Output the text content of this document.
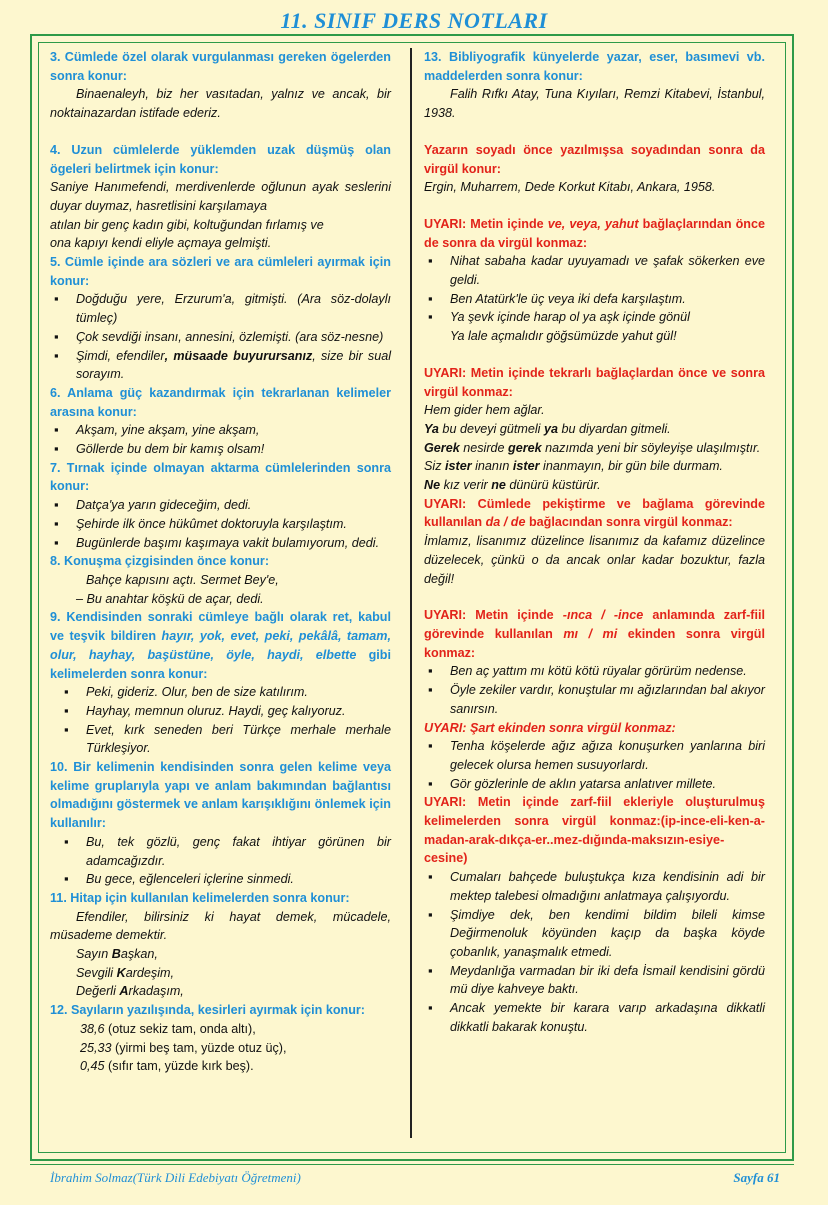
11. SINIF DERS NOTLARI

3. Cümlede özel olarak vurgulanması gereken ögelerden sonra konur:

Binaenaleyh, biz her vasıtadan, yalnız ve ancak, bir noktainazardan istifade ederiz.

4. Uzun cümlelerde yüklemden uzak düşmüş olan ögeleri belirtmek için konur:

Saniye Hanımefendi, merdivenlerde oğlunun ayak seslerini duyar duymaz, hasretlisini karşılamaya

atılan bir genç kadın gibi, koltuğundan fırlamış ve

ona kapıyı kendi eliyle açmaya gelmişti.

5. Cümle içinde ara sözleri ve ara cümleleri ayırmak için konur:

▪ Doğduğu yere, Erzurum'a, gitmişti. (Ara söz-dolaylı tümleç)
▪ Çok sevdiği insanı, annesini, özlemişti. (ara söz-nesne)
▪ Şimdi, efendiler, müsaade buyurursanız, size bir sual sorayım.

6. Anlama güç kazandırmak için tekrarlanan kelimeler arasına konur:

▪ Akşam, yine akşam, yine akşam,
▪ Göllerde bu dem bir kamış olsam!

7. Tırnak içinde olmayan aktarma cümlelerinden sonra konur:

▪ Datça'ya yarın gideceğim, dedi.
▪ Şehirde ilk önce hükûmet doktoruyla karşılaştım.
▪ Bugünlerde başımı kaşımaya vakit bulamıyorum, dedi.

8. Konuşma çizgisinden önce konur:

Bahçe kapısını açtı. Sermet Bey'e,

– Bu anahtar köşkü de açar, dedi.

9. Kendisinden sonraki cümleye bağlı olarak ret, kabul ve teşvik bildiren hayır, yok, evet, peki, pekâlâ, tamam, olur, hayhay, başüstüne, öyle, haydi, elbette gibi kelimelerden sonra konur:

▪ Peki, gideriz. Olur, ben de size katılırım.
▪ Hayhay, memnun oluruz. Haydi, geç kalıyoruz.
▪ Evet, kırk seneden beri Türkçe merhale merhale Türkleşiyor.

10. Bir kelimenin kendisinden sonra gelen kelime veya kelime gruplarıyla yapı ve anlam bakımından bağlantısı olmadığını göstermek ve anlam karışıklığını önlemek için kullanılır:

▪ Bu, tek gözlü, genç fakat ihtiyar görünen bir adamcağızdır.
▪ Bu gece, eğlenceleri içlerine sinmedi.

11. Hitap için kullanılan kelimelerden sonra konur:

Efendiler, bilirsiniz ki hayat demek, mücadele, müsademe demektir.

Sayın Başkan,

Sevgili Kardeşim,

Değerli Arkadaşım,

12. Sayıların yazılışında, kesirleri ayırmak için konur:

38,6 (otuz sekiz tam, onda altı),

25,33 (yirmi beş tam, yüzde otuz üç),

0,45 (sıfır tam, yüzde kırk beş).

13. Bibliyografik künyelerde yazar, eser, basımevi vb. maddelerden sonra konur:

Falih Rıfkı Atay, Tuna Kıyıları, Remzi Kitabevi, İstanbul, 1938.

Yazarın soyadı önce yazılmışsa soyadından sonra da virgül konur:

Ergin, Muharrem, Dede Korkut Kitabı, Ankara, 1958.

UYARI: Metin içinde ve, veya, yahut bağlaçlarından önce de sonra da virgül konmaz:

▪ Nihat sabaha kadar uyuyamadı ve şafak sökerken eve geldi.
▪ Ben Atatürk'le üç veya iki defa karşılaştım.
▪ Ya şevk içinde harap ol ya aşk içinde gönül
Ya lale açmalıdır göğsümüzde yahut gül!

UYARI: Metin içinde tekrarlı bağlaçlardan önce ve sonra virgül konmaz:

Hem gider hem ağlar.

Ya bu deveyi gütmeli ya bu diyardan gitmeli.

Gerek nesirde gerek nazımda yeni bir söyleyişe ulaşılmıştır.

Siz ister inanın ister inanmayın, bir gün bile durmam.

Ne kız verir ne dünürü küstürür.

UYARI: Cümlede pekiştirme ve bağlama görevinde kullanılan da / de bağlacından sonra virgül konmaz:

İmlamız, lisanımız düzelince lisanımız da kafamız düzelince düzelecek, çünkü o da ancak onlar kadar bozuktur, fazla değil!

UYARI: Metin içinde -ınca / -ince anlamında zarf-fiil görevinde kullanılan mı / mi ekinden sonra virgül konmaz:

▪ Ben aç yattım mı kötü kötü rüyalar görürüm nedense.
▪ Öyle zekiler vardır, konuştular mı ağızlarından bal akıyor sanırsın.

UYARI: Şart ekinden sonra virgül konmaz:

▪ Tenha köşelerde ağız ağıza konuşurken yanlarına biri gelecek olursa hemen susuyorlardı.
▪ Gör gözlerinle de aklın yatarsa anlatıver millete.

UYARI: Metin içinde zarf-fiil ekleriyle oluşturulmuş kelimelerden sonra virgül konmaz:(ip-ince-eli-ken-a-madan-arak-dıkça-er..mez-dığında-maksızın-esiye-cesine)

▪ Cumaları bahçede buluştukça kıza kendisinin adi bir mektep talebesi olmadığını anlatmaya çalışıyordu.
▪ Şimdiye dek, ben kendimi bildim bileli kimse Değirmenoluk köyünden kaçıp da başka köyde çobanlık, yanaşmalık etmedi.
▪ Meydanlığa varmadan bir iki defa İsmail kendisini gördü mü diye kahveye baktı.
▪ Ancak yemekte bir karara varıp arkadaşına dikkatli dikkatli bakarak konuştu.
İbrahim Solmaz(Türk Dili Edebiyatı Öğretmeni)	Sayfa 61
